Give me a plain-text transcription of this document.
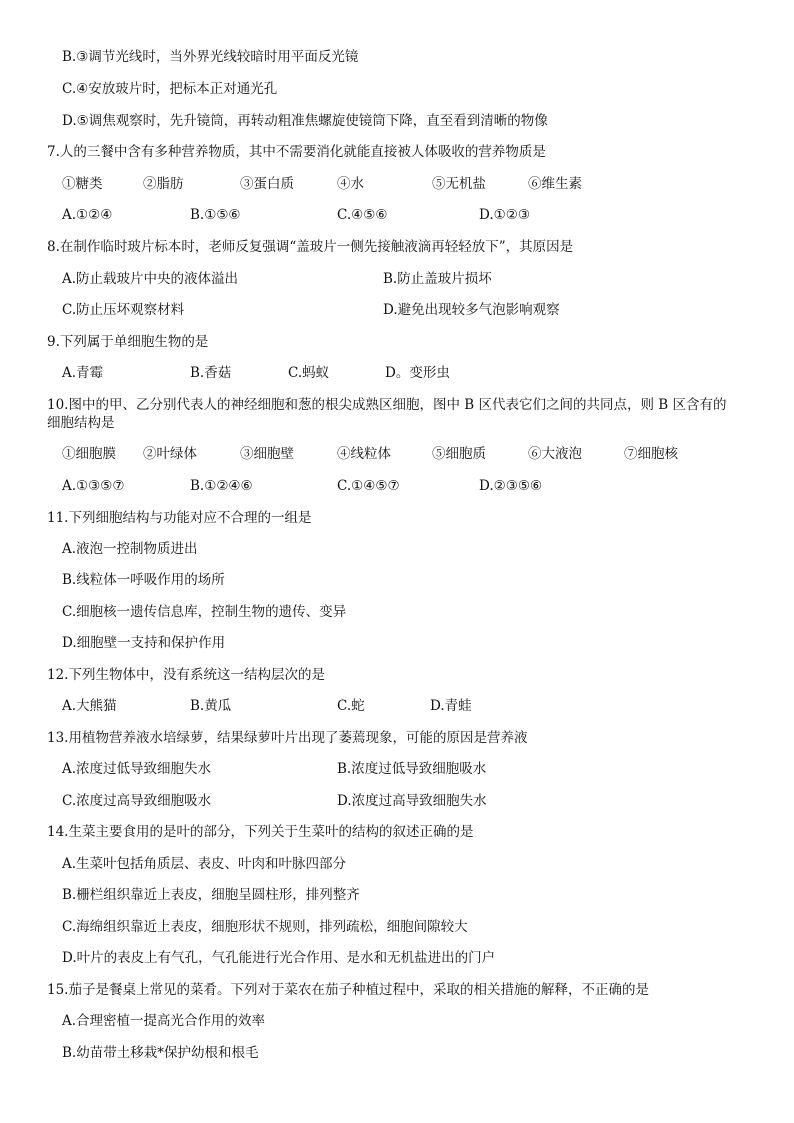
B.③调节光线时，当外界光线较暗时用平面反光镜
C.④安放玻片时，把标本正对通光孔
D.⑤调焦观察时，先升镜筒，再转动粗准焦螺旋使镜筒下降，直至看到清晰的物像
7.人的三餐中含有多种营养物质，其中不需要消化就能直接被人体吸收的营养物质是
①糖类	②脂肪	③蛋白质	④水	⑤无机盐	⑥维生素
A.①②④	B.①⑤⑥	C.④⑤⑥	D.①②③
8.在制作临时玻片标本时，老师反复强调“盖玻片一侧先接触液滴再轻轻放下”，其原因是
A.防止载玻片中央的液体溢出	B.防止盖玻片损坏
C.防止压坏观察材料	D.避免出现较多气泡影响观察
9.下列属于单细胞生物的是
A.青霉	B.香菇	C.蚂蚁	D。变形虫
10.图中的甲、乙分别代表人的神经细胞和葱的根尖成熟区细胞，图中 B 区代表它们之间的共同点，则 B 区含有的
细胞结构是
①细胞膜 ②叶绿体	③细胞壁	④线粒体	⑤细胞质	⑥大液泡	⑦细胞核
A.①③⑤⑦	B.①②④⑥	C.①④⑤⑦	D.②③⑤⑥
11.下列细胞结构与功能对应不合理的一组是
A.液泡一控制物质进出
B.线粒体一呼吸作用的场所
C.细胞核一遗传信息库，控制生物的遗传、变异
D.细胞壁一支持和保护作用
12.下列生物体中，没有系统这一结构层次的是
A.大熊猫	B.黄瓜	C.蛇	D.青蛙
13.用植物营养液水培绿萝，结果绿萝叶片出现了萎蔫现象，可能的原因是营养液
A.浓度过低导致细胞失水	B.浓度过低导致细胞吸水
C.浓度过高导致细胞吸水	D.浓度过高导致细胞失水
14.生菜主要食用的是叶的部分，下列关于生菜叶的结构的叙述正确的是
A.生菜叶包括角质层、表皮、叶肉和叶脉四部分
B.栅栏组织靠近上表皮，细胞呈圆柱形，排列整齐
C.海绵组织靠近上表皮，细胞形状不规则，排列疏松，细胞间隙较大
D.叶片的表皮上有气孔，气孔能进行光合作用、是水和无机盐进出的门户
15.茄子是餐桌上常见的菜肴。下列对于菜农在茄子种植过程中，采取的相关措施的解释，不正确的是
A.合理密植一提高光合作用的效率
B.幼苗带土移栽*保护幼根和根毛
